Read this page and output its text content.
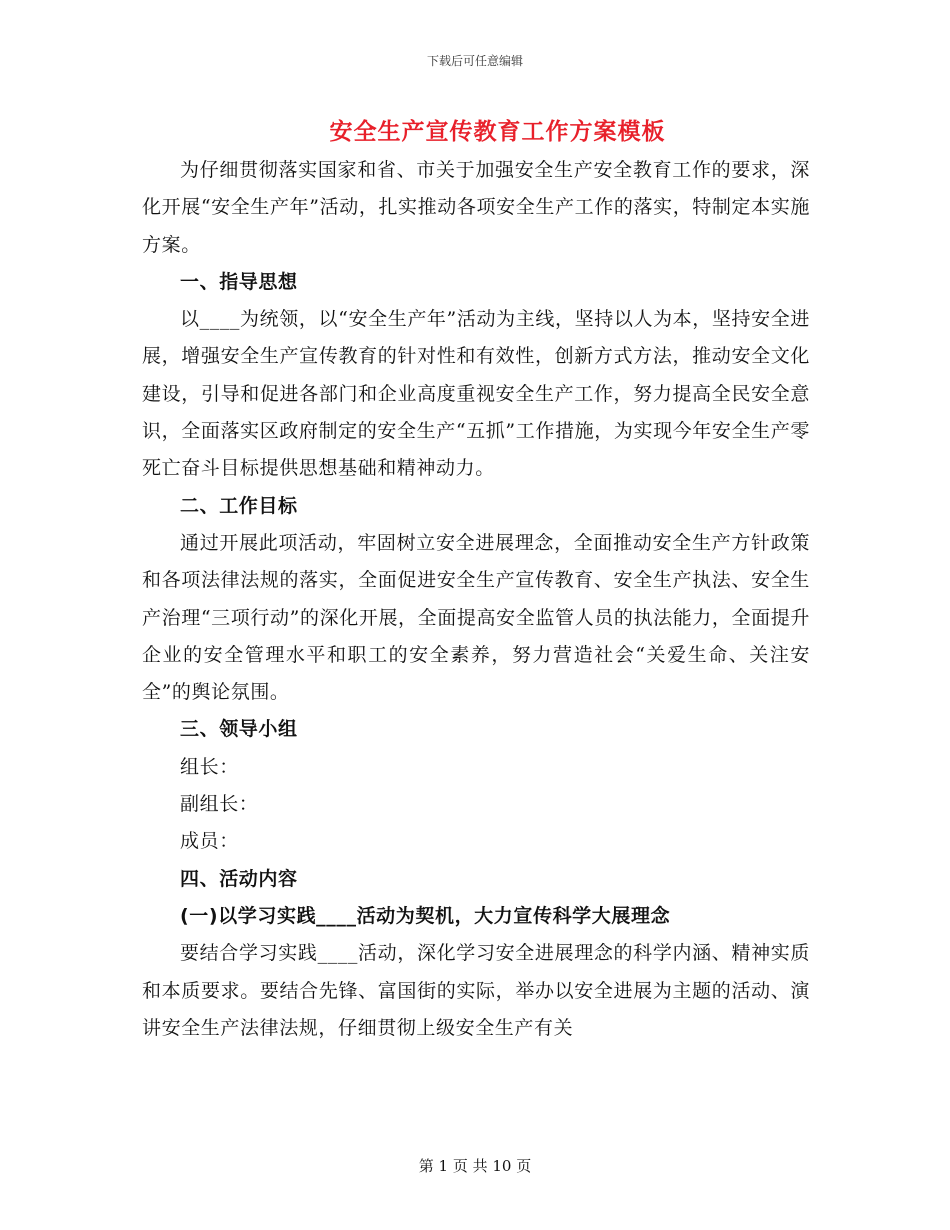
下载后可任意编辑
安全生产宣传教育工作方案模板

为仔细贯彻落实国家和省、市关于加强安全生产安全教育工作的要求，深化开展“安全生产年”活动，扎实推动各项安全生产工作的落实，特制定本实施方案。

一、指导思想

以____为统领，以“安全生产年”活动为主线，坚持以人为本，坚持安全进展，增强安全生产宣传教育的针对性和有效性，创新方式方法，推动安全文化建设，引导和促进各部门和企业高度重视安全生产工作，努力提高全民安全意识，全面落实区政府制定的安全生产“五抓”工作措施，为实现今年安全生产零死亡奋斗目标提供思想基础和精神动力。

二、工作目标

通过开展此项活动，牢固树立安全进展理念，全面推动安全生产方针政策和各项法律法规的落实，全面促进安全生产宣传教育、安全生产执法、安全生产治理“三项行动”的深化开展，全面提高安全监管人员的执法能力，全面提升企业的安全管理水平和职工的安全素养，努力营造社会“关爱生命、关注安全”的舆论氛围。

三、领导小组

组长：

副组长：

成员：

四、活动内容

(一)以学习实践____活动为契机，大力宣传科学大展理念

要结合学习实践____活动，深化学习安全进展理念的科学内涵、精神实质和本质要求。要结合先锋、富国街的实际，举办以安全进展为主题的活动、演讲安全生产法律法规，仔细贯彻上级安全生产有关

第 1 页 共 10 页
